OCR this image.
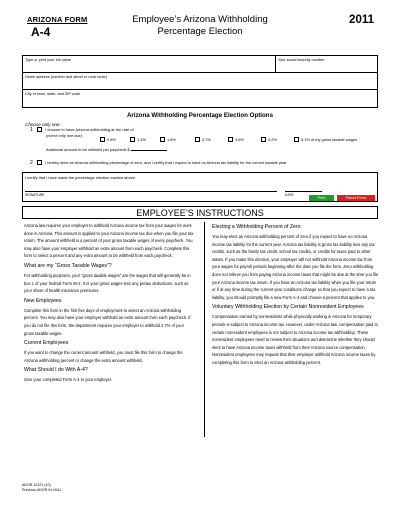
ARIZONA FORM
A-4
Employee’s Arizona Withholding
Percentage Election
2011
Type or print your full name	Your social security number
Home address (number and street or rural route)
City or town, state, and ZIP code
Arizona Withholding Percentage Election Options
Choose only one:
1	I choose to have Arizona withholding at the rate of
(check only one box):
0.8%	1.3%	1.8%	2.7%	3.6%	4.2%	5.1% of my gross taxable wages.
Additional amount to be withheld per paycheck $
2	I hereby elect an Arizona withholding percentage of zero, and I certify that I expect to have no Arizona tax liability for the current taxable year.
I certify that I have made the percentage election marked above.
SIGNATURE	DATE
Print	Reset Form
EMPLOYEE’S INSTRUCTIONS

Arizona law requires your employer to withhold Arizona income tax from your wages for work done in Arizona. This amount is applied to your Arizona income tax due when you file your tax return. The amount withheld is a percent of your gross taxable wages of every paycheck. You may also have your employer withhold an extra amount from each paycheck. Complete this form to select a percent and any extra amount to be withheld from each paycheck.

What are my “Gross Taxable Wages”?

For withholding purposes, your “gross taxable wages” are the wages that will generally be in box 1 of your federal Form W-2. It is your gross wages less any pretax deductions, such as your share of health insurance premiums.

New Employees

Complete this form in the first five days of employment to select an Arizona withholding percent. You may also have your employer withhold an extra amount from each paycheck. If you do not file this form, the department requires your employer to withhold 2.7% of your gross taxable wages.

Current Employees

If you want to change the current amount withheld, you must file this form to change the Arizona withholding percent or change the extra amount withheld.

What Should I do With A-4?

Give your completed Form A-4 to your employer.

Electing a Withholding Percent of Zero

You may elect an Arizona withholding percent of zero if you expect to have no Arizona income tax liability for the current year. Arizona tax liability is gross tax liability less any tax credits, such as the family tax credit, school tax credits, or credits for taxes paid to other states. If you make this election, your employer will not withhold Arizona income tax from your wages for payroll periods beginning after the date you file the form. Zero withholding does not relieve you from paying Arizona income taxes that might be due at the time you file your Arizona income tax return. If you have an Arizona tax liability when you file your return or if at any time during the current year conditions change so that you expect to have a tax liability, you should promptly file a new Form A-4 and choose a percent that applies to you.

Voluntary Withholding Election by Certain Nonresident Employees

Compensation earned by nonresidents while physically working in Arizona for temporary periods is subject to Arizona income tax. However, under Arizona law, compensation paid to certain nonresident employees is not subject to Arizona income tax withholding. These nonresident employees need to review their situations and determine whether they should elect to have Arizona income taxes withheld from their Arizona source compensation. Nonresident employees may request that their employer withhold Arizona income taxes by completing this form to elect an Arizona withholding percent.

ADOR 10121 (10)
Previous ADOR 91-0041
